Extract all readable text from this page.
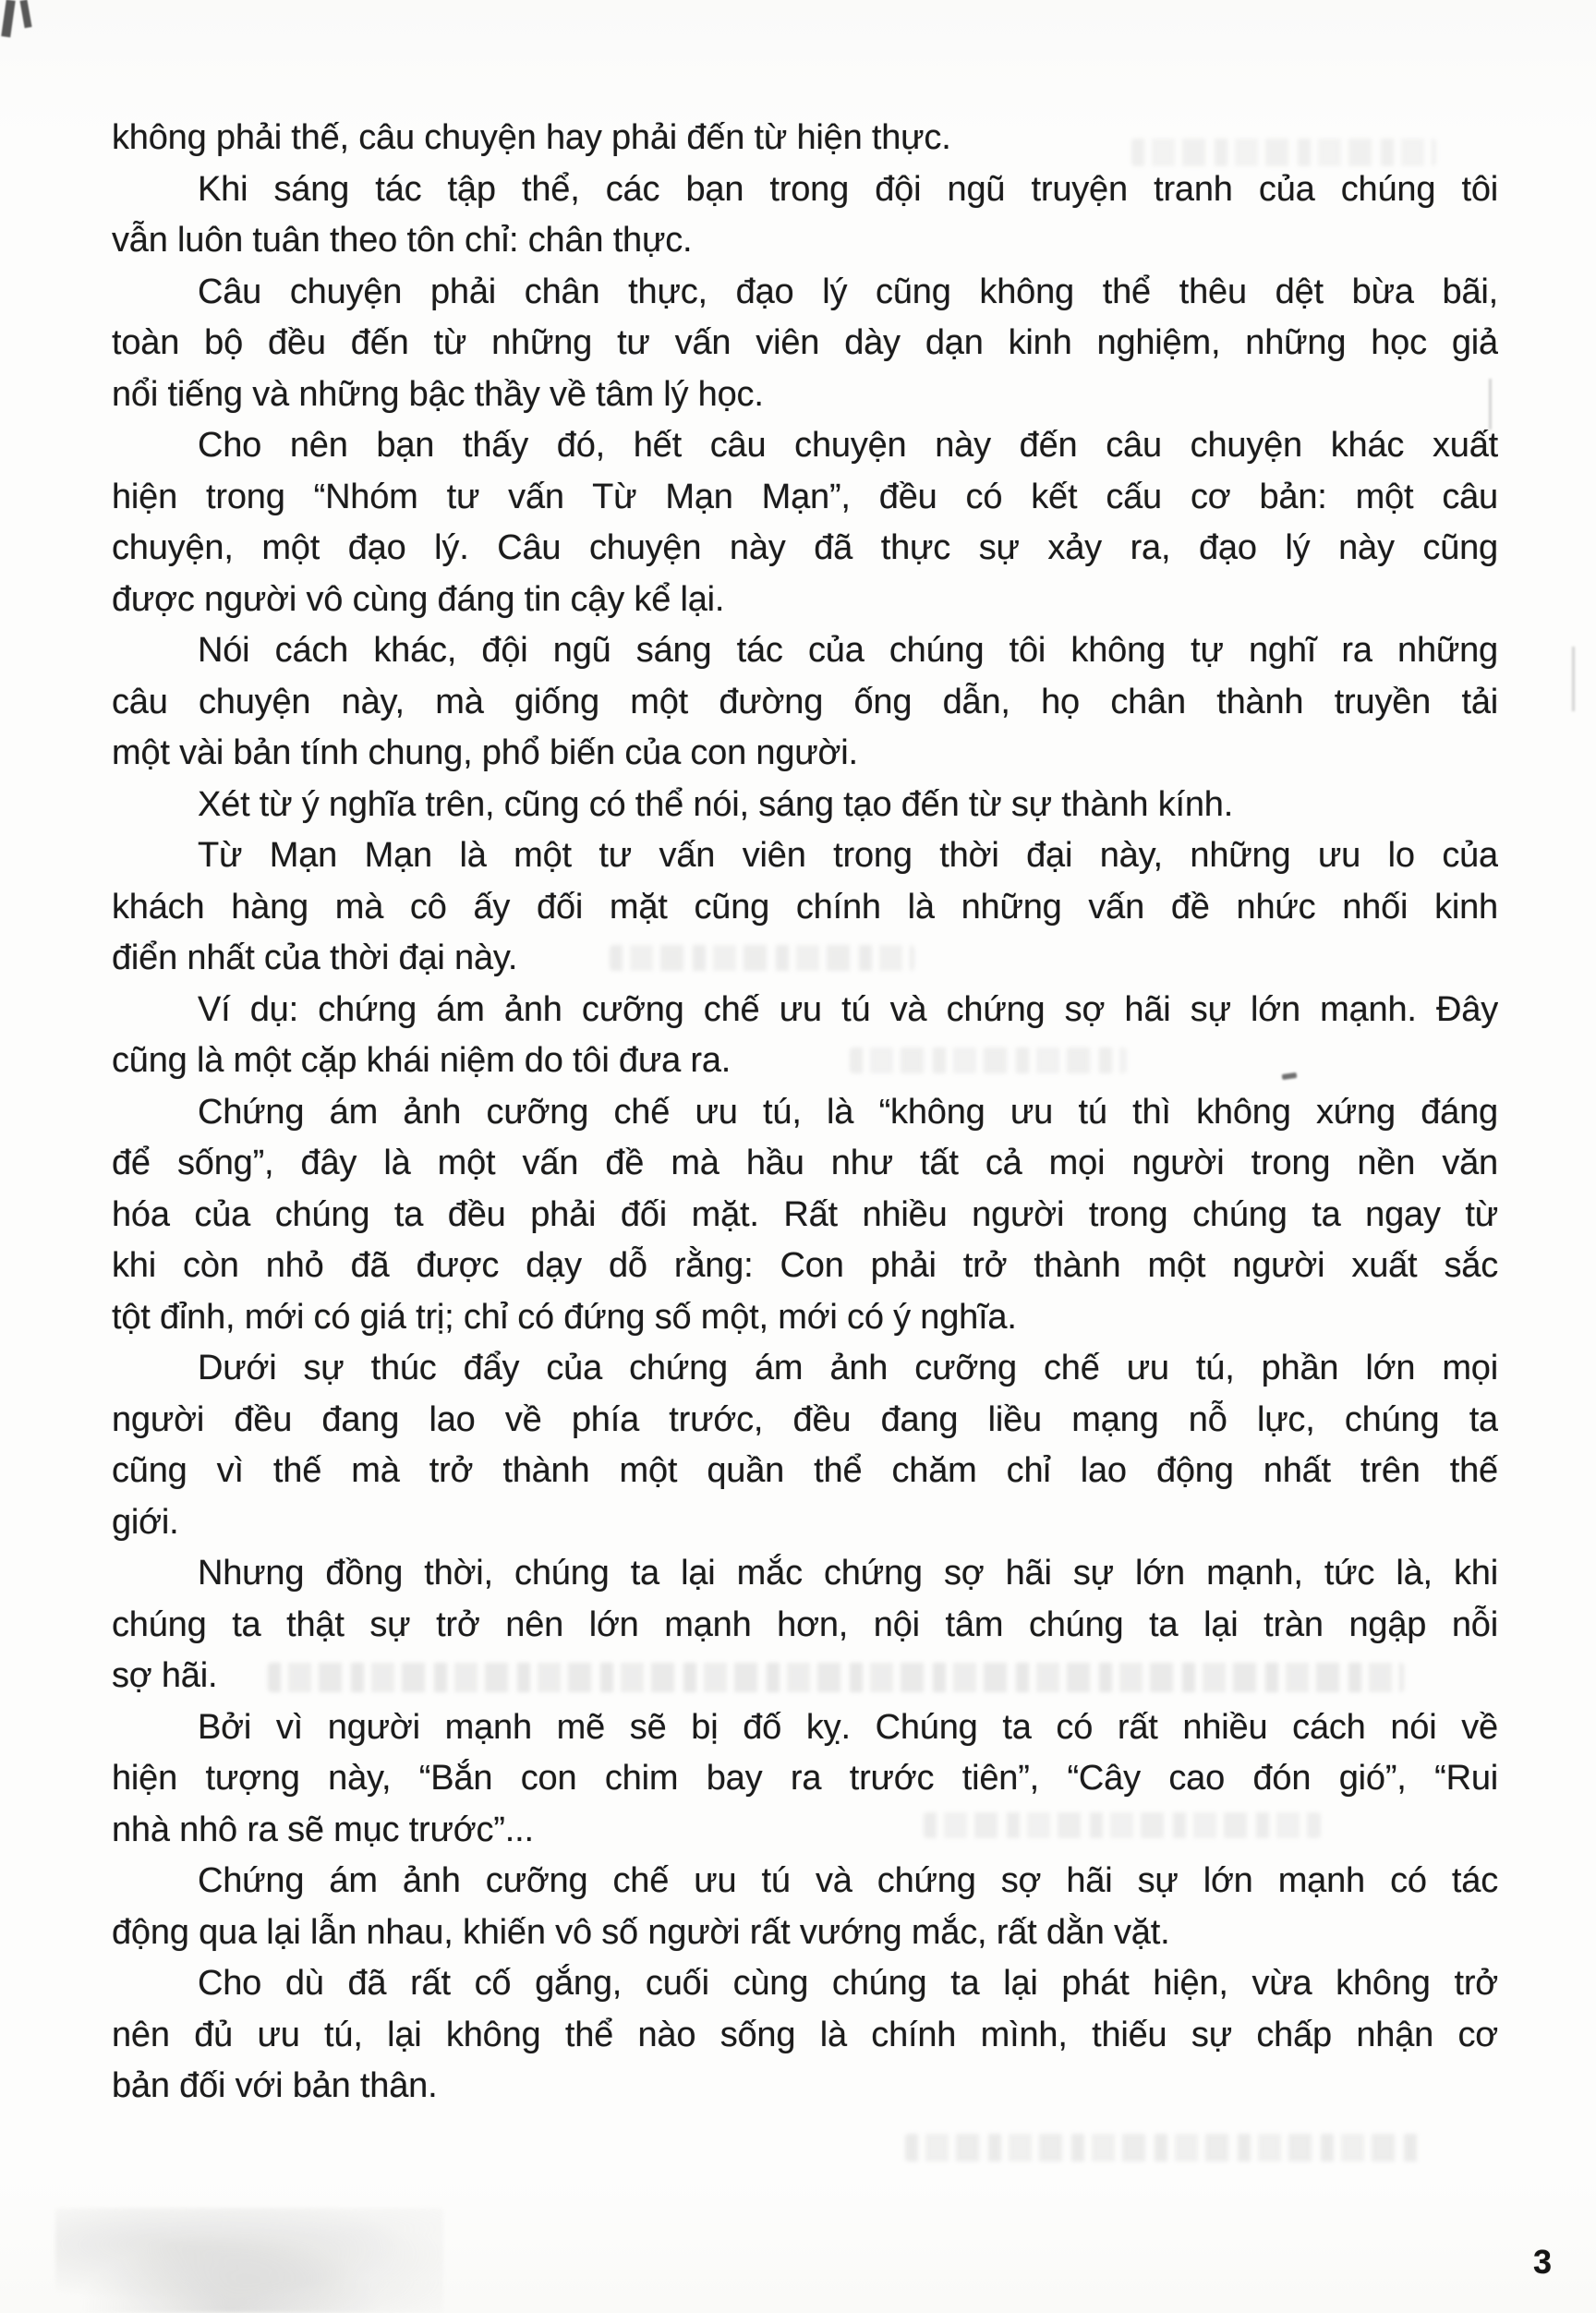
không phải thế, câu chuyện hay phải đến từ hiện thực.
Khi sáng tác tập thể, các bạn trong đội ngũ truyện tranh của chúng tôi
vẫn luôn tuân theo tôn chỉ: chân thực.
Câu chuyện phải chân thực, đạo lý cũng không thể thêu dệt bừa bãi,
toàn bộ đều đến từ những tư vấn viên dày dạn kinh nghiệm, những học giả
nổi tiếng và những bậc thầy về tâm lý học.
Cho nên bạn thấy đó, hết câu chuyện này đến câu chuyện khác xuất
hiện trong “Nhóm tư vấn Từ Mạn Mạn”, đều có kết cấu cơ bản: một câu
chuyện, một đạo lý. Câu chuyện này đã thực sự xảy ra, đạo lý này cũng
được người vô cùng đáng tin cậy kể lại.
Nói cách khác, đội ngũ sáng tác của chúng tôi không tự nghĩ ra những
câu chuyện này, mà giống một đường ống dẫn, họ chân thành truyền tải
một vài bản tính chung, phổ biến của con người.
Xét từ ý nghĩa trên, cũng có thể nói, sáng tạo đến từ sự thành kính.
Từ Mạn Mạn là một tư vấn viên trong thời đại này, những ưu lo của
khách hàng mà cô ấy đối mặt cũng chính là những vấn đề nhức nhối kinh
điển nhất của thời đại này.
Ví dụ: chứng ám ảnh cưỡng chế ưu tú và chứng sợ hãi sự lớn mạnh. Đây
cũng là một cặp khái niệm do tôi đưa ra.
Chứng ám ảnh cưỡng chế ưu tú, là “không ưu tú thì không xứng đáng
để sống”, đây là một vấn đề mà hầu như tất cả mọi người trong nền văn
hóa của chúng ta đều phải đối mặt. Rất nhiều người trong chúng ta ngay từ
khi còn nhỏ đã được dạy dỗ rằng: Con phải trở thành một người xuất sắc
tột đỉnh, mới có giá trị; chỉ có đứng số một, mới có ý nghĩa.
Dưới sự thúc đẩy của chứng ám ảnh cưỡng chế ưu tú, phần lớn mọi
người đều đang lao về phía trước, đều đang liều mạng nỗ lực, chúng ta
cũng vì thế mà trở thành một quần thể chăm chỉ lao động nhất trên thế
giới.
Nhưng đồng thời, chúng ta lại mắc chứng sợ hãi sự lớn mạnh, tức là, khi
chúng ta thật sự trở nên lớn mạnh hơn, nội tâm chúng ta lại tràn ngập nỗi
sợ hãi.
Bởi vì người mạnh mẽ sẽ bị đố kỵ. Chúng ta có rất nhiều cách nói về
hiện tượng này, “Bắn con chim bay ra trước tiên”, “Cây cao đón gió”, “Rui
nhà nhô ra sẽ mục trước”...
Chứng ám ảnh cưỡng chế ưu tú và chứng sợ hãi sự lớn mạnh có tác
động qua lại lẫn nhau, khiến vô số người rất vướng mắc, rất dằn vặt.
Cho dù đã rất cố gắng, cuối cùng chúng ta lại phát hiện, vừa không trở
nên đủ ưu tú, lại không thể nào sống là chính mình, thiếu sự chấp nhận cơ
bản đối với bản thân.
3
